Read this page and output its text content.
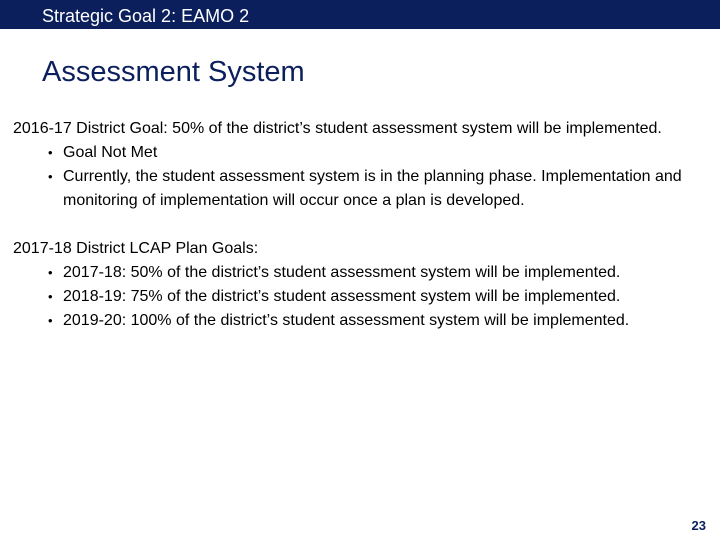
Strategic Goal 2: EAMO 2
Assessment System

2016-17 District Goal: 50% of the district’s student assessment system will be implemented.

• Goal Not Met
• Currently, the student assessment system is in the planning phase. Implementation and monitoring of implementation will occur once a plan is developed.

2017-18 District LCAP Plan Goals:

• 2017-18: 50% of the district’s student assessment system will be implemented.
• 2018-19: 75% of the district’s student assessment system will be implemented.
• 2019-20: 100% of the district’s student assessment system will be implemented.
23
